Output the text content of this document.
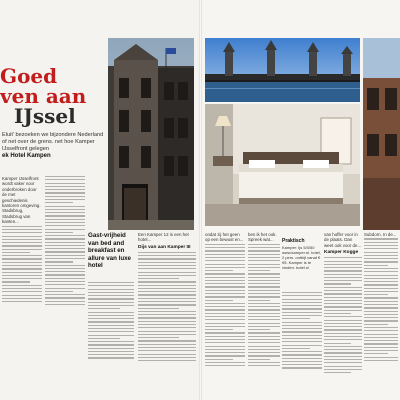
Goed
ven aan
IJssel
Eluit' bezoeken we bijzondere Nederland of net over de grens. net hoe Kamper IJsselfront gelegen
ek Hotel Kampen

Kamper IJsselfront wordt vaker voor onderbroken door de met geschiedenis kantoren omgeving. Stadsbrug, Stadsbrug van kanten...

Een Kamper 12 is een het hotel...

Dijs van aan Kamper III

Gast-vrijheid van bed and breakfast en allure van luxe hotel

ondat zij het geen op een bewust en...

ben ik het ook. Spreek wat...	Praktisch

Kamper: Ijs 5/3/50 www.kamper.nl. hotel, 2 pers. ontbijt vanaf € 95. Kamper is te vinden. hotel.nl

van hoffer voor in de plaats. Dan weet ook voor de...

Kamper Kogge

Subdorn. In de...
